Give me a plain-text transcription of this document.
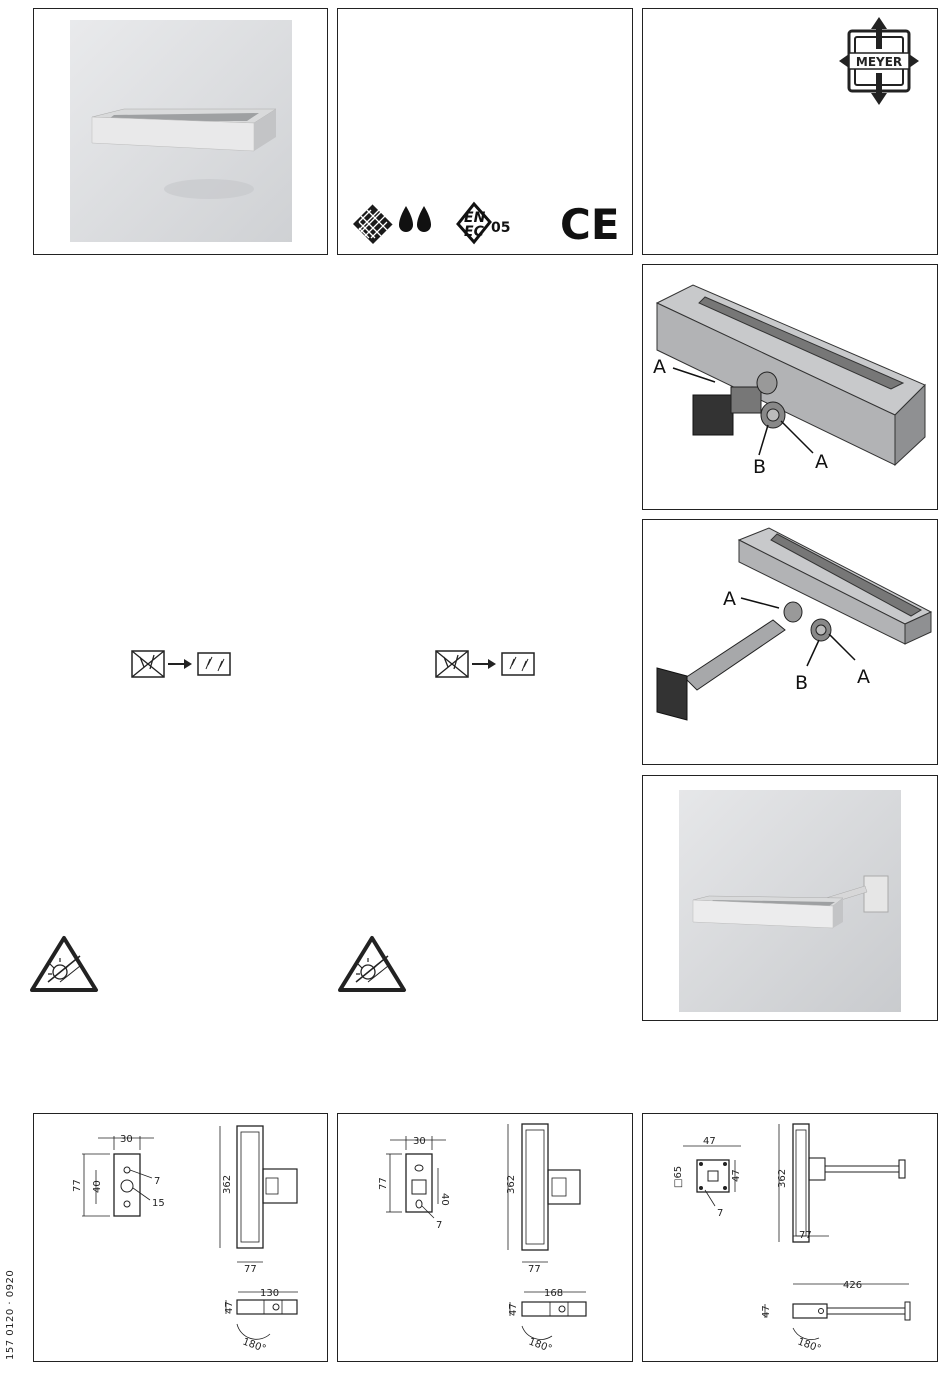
EN
EC 05 CE
MEYER
A
A
B
A
A
B
30
77 40	7
15
362
77
130
47
180°
30
77
40
7
362
77
168
47
180°
47
47
□65
7
362
77
426
47
180°
157 0120 · 0920
